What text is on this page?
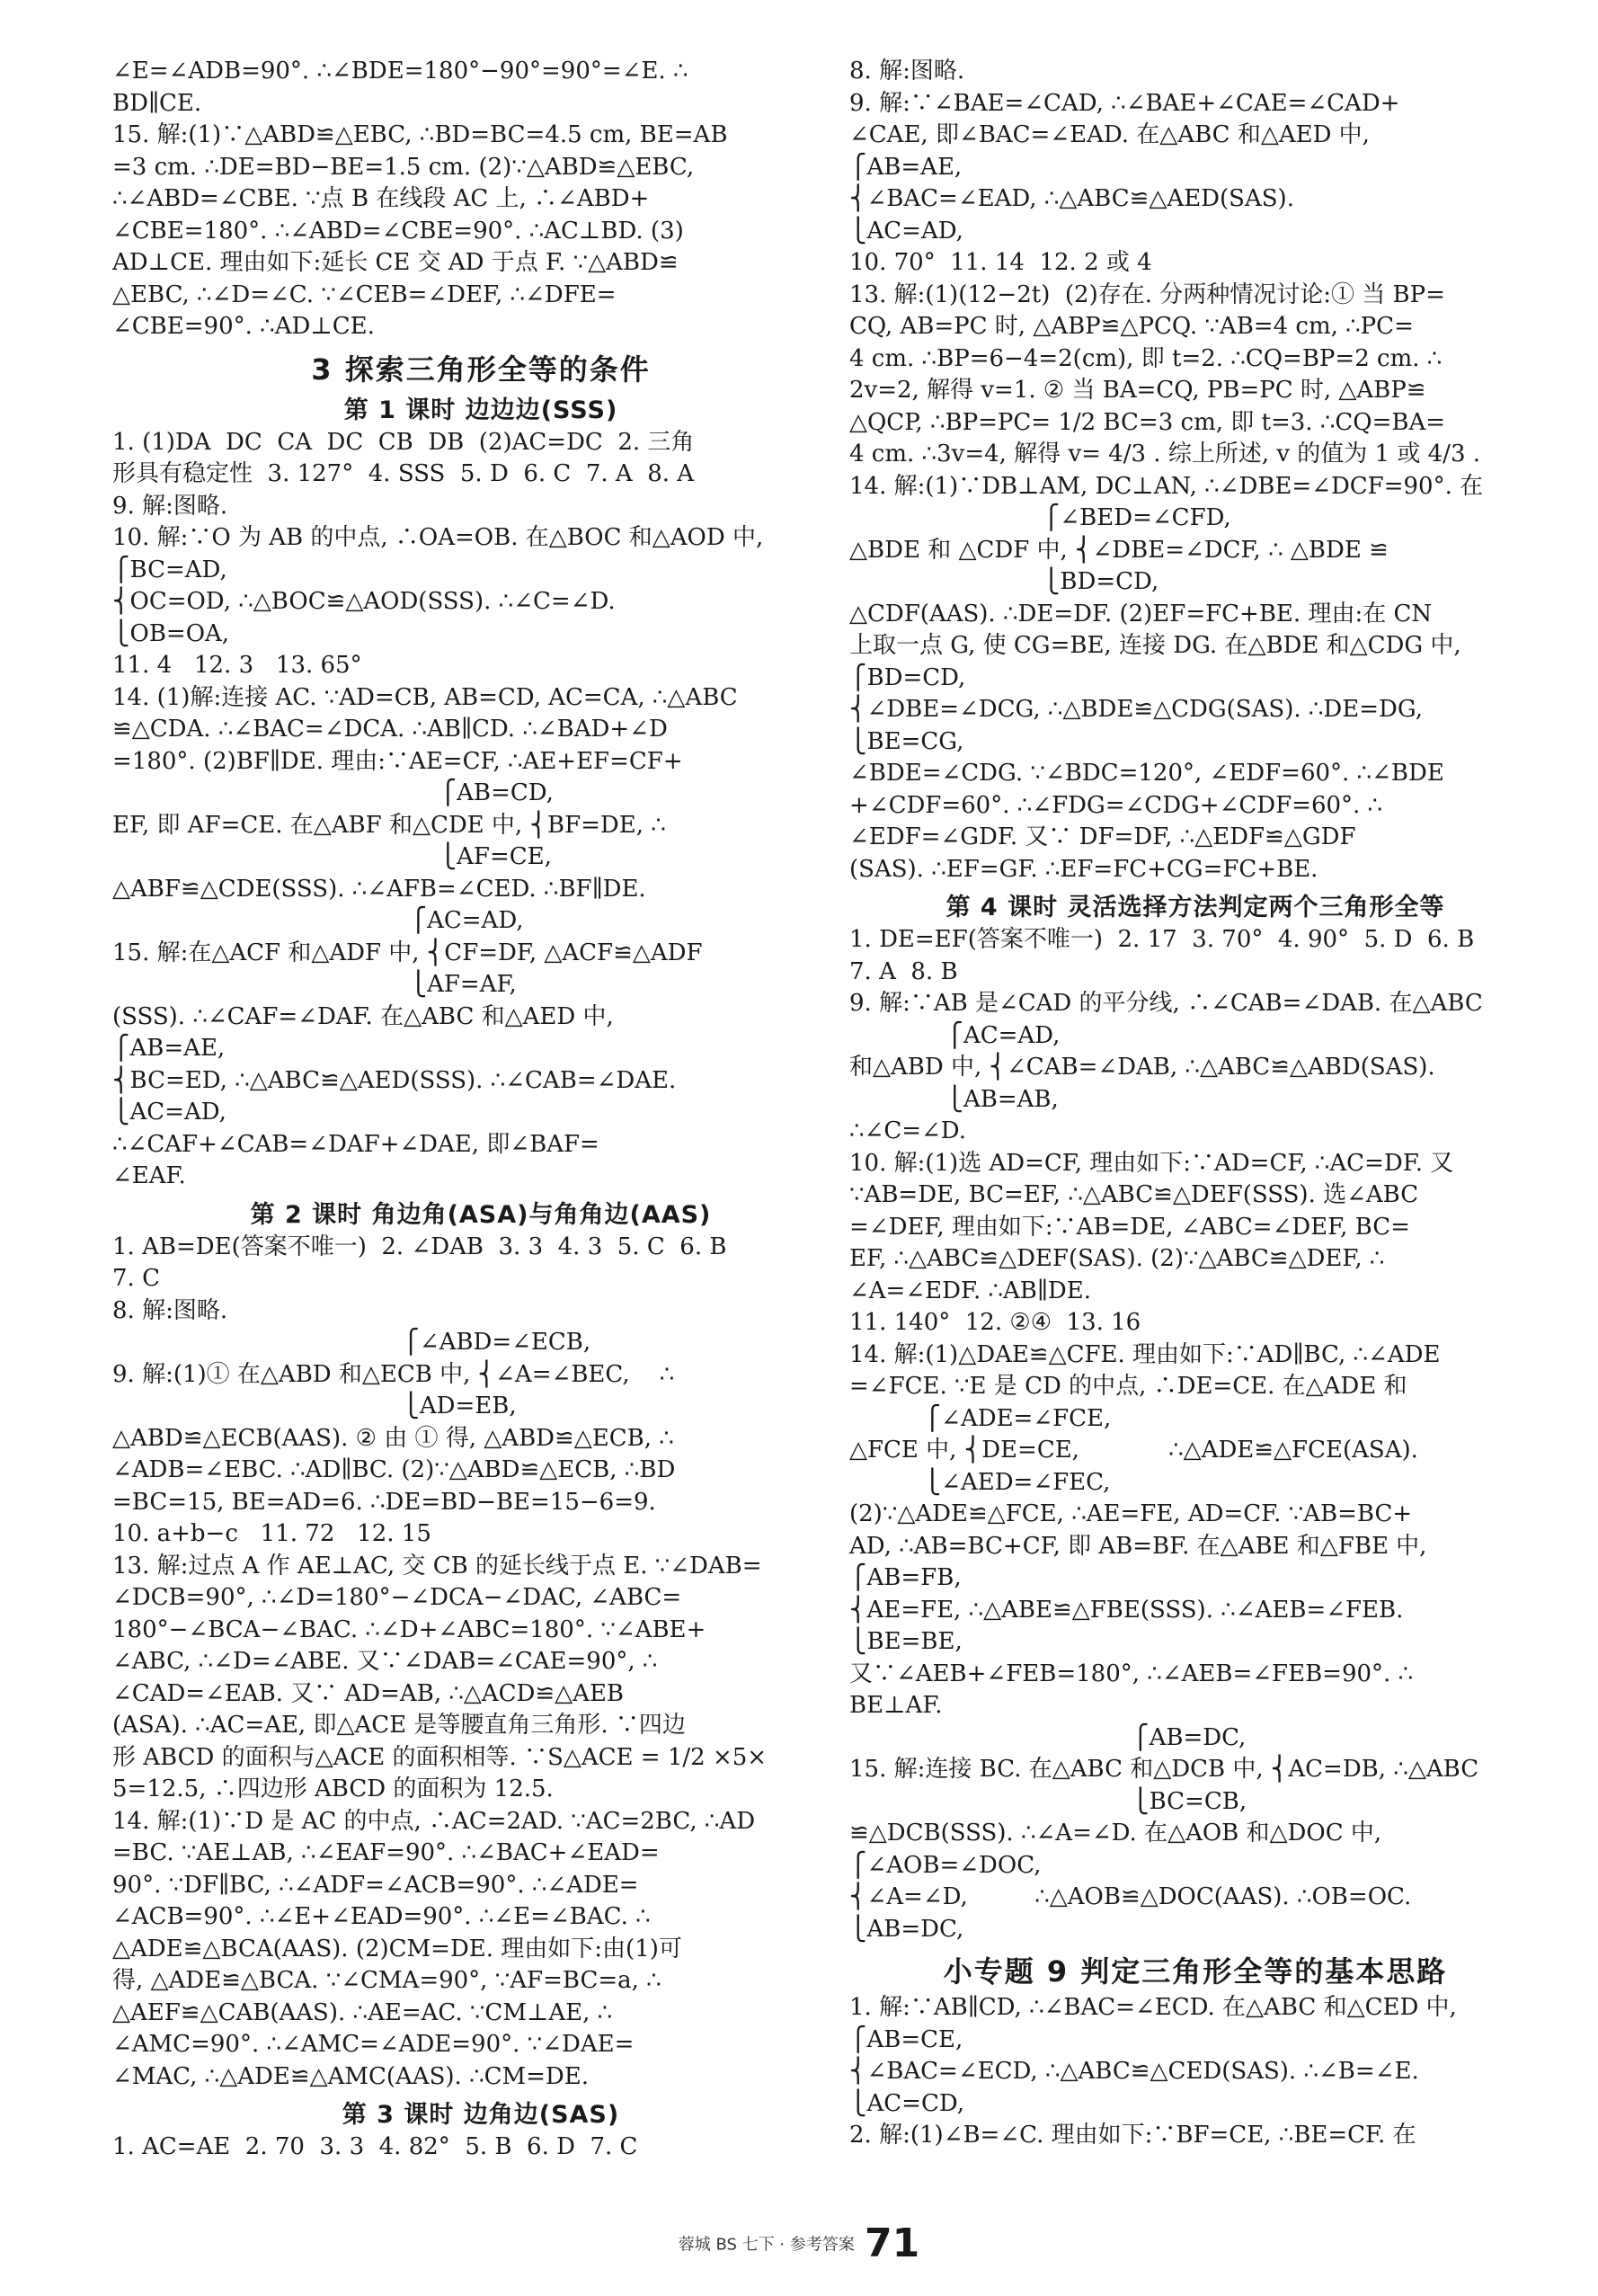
∠E=∠ADB=90°. ∴∠BDE=180°−90°=90°=∠E. ∴

BD∥CE.

15. 解:(1)∵△ABD≌△EBC, ∴BD=BC=4.5 cm, BE=AB

=3 cm. ∴DE=BD−BE=1.5 cm. (2)∵△ABD≌△EBC,

∴∠ABD=∠CBE. ∵点 B 在线段 AC 上, ∴∠ABD+

∠CBE=180°. ∴∠ABD=∠CBE=90°. ∴AC⊥BD. (3)

AD⊥CE. 理由如下:延长 CE 交 AD 于点 F. ∵△ABD≌

△EBC, ∴∠D=∠C. ∵∠CEB=∠DEF, ∴∠DFE=

∠CBE=90°. ∴AD⊥CE.

3 探索三角形全等的条件
第 1 课时 边边边(SSS)

1. (1)DA  DC  CA  DC  CB  DB  (2)AC=DC  2. 三角

形具有稳定性  3. 127°  4. SSS  5. D  6. C  7. A  8. A

9. 解:图略.

10. 解:∵O 为 AB 的中点, ∴OA=OB. 在△BOC 和△AOD 中,

⎧BC=AD,

⎨OC=OD, ∴△BOC≌△AOD(SSS). ∴∠C=∠D.

⎩OB=OA,

11. 4   12. 3   13. 65°

14. (1)解:连接 AC. ∵AD=CB, AB=CD, AC=CA, ∴△ABC

≌△CDA. ∴∠BAC=∠DCA. ∴AB∥CD. ∴∠BAD+∠D

=180°. (2)BF∥DE. 理由:∵AE=CF, ∴AE+EF=CF+

⎧AB=CD,

EF, 即 AF=CE. 在△ABF 和△CDE 中, ⎨BF=DE, ∴

⎩AF=CE,

△ABF≌△CDE(SSS). ∴∠AFB=∠CED. ∴BF∥DE.

⎧AC=AD,

15. 解:在△ACF 和△ADF 中, ⎨CF=DF, △ACF≌△ADF

⎩AF=AF,

(SSS). ∴∠CAF=∠DAF. 在△ABC 和△AED 中,

⎧AB=AE,

⎨BC=ED, ∴△ABC≌△AED(SSS). ∴∠CAB=∠DAE.

⎩AC=AD,

∴∠CAF+∠CAB=∠DAF+∠DAE, 即∠BAF=

∠EAF.

第 2 课时 角边角(ASA)与角角边(AAS)

1. AB=DE(答案不唯一)  2. ∠DAB  3. 3  4. 3  5. C  6. B

7. C

8. 解:图略.

⎧∠ABD=∠ECB,

9. 解:(1)① 在△ABD 和△ECB 中, ⎨∠A=∠BEC,    ∴

⎩AD=EB,

△ABD≌△ECB(AAS). ② 由 ① 得, △ABD≌△ECB, ∴

∠ADB=∠EBC. ∴AD∥BC. (2)∵△ABD≌△ECB, ∴BD

=BC=15, BE=AD=6. ∴DE=BD−BE=15−6=9.

10. a+b−c   11. 72   12. 15

13. 解:过点 A 作 AE⊥AC, 交 CB 的延长线于点 E. ∵∠DAB=

∠DCB=90°, ∴∠D=180°−∠DCA−∠DAC, ∠ABC=

180°−∠BCA−∠BAC. ∴∠D+∠ABC=180°. ∵∠ABE+

∠ABC, ∴∠D=∠ABE. 又∵∠DAB=∠CAE=90°, ∴

∠CAD=∠EAB. 又∵ AD=AB, ∴△ACD≌△AEB

(ASA). ∴AC=AE, 即△ACE 是等腰直角三角形. ∵四边

形 ABCD 的面积与△ACE 的面积相等. ∵S△ACE = 1/2 ×5×

5=12.5, ∴四边形 ABCD 的面积为 12.5.

14. 解:(1)∵D 是 AC 的中点, ∴AC=2AD. ∵AC=2BC, ∴AD

=BC. ∵AE⊥AB, ∴∠EAF=90°. ∴∠BAC+∠EAD=

90°. ∵DF∥BC, ∴∠ADF=∠ACB=90°. ∴∠ADE=

∠ACB=90°. ∴∠E+∠EAD=90°. ∴∠E=∠BAC. ∴

△ADE≌△BCA(AAS). (2)CM=DE. 理由如下:由(1)可

得, △ADE≌△BCA. ∵∠CMA=90°, ∵AF=BC=a, ∴

△AEF≌△CAB(AAS). ∴AE=AC. ∵CM⊥AE, ∴

∠AMC=90°. ∴∠AMC=∠ADE=90°. ∵∠DAE=

∠MAC, ∴△ADE≌△AMC(AAS). ∴CM=DE.

第 3 课时 边角边(SAS)

1. AC=AE  2. 70  3. 3  4. 82°  5. B  6. D  7. C

8. 解:图略.

9. 解:∵∠BAE=∠CAD, ∴∠BAE+∠CAE=∠CAD+

∠CAE, 即∠BAC=∠EAD. 在△ABC 和△AED 中,

⎧AB=AE,

⎨∠BAC=∠EAD, ∴△ABC≌△AED(SAS).

⎩AC=AD,

10. 70°  11. 14  12. 2 或 4

13. 解:(1)(12−2t)  (2)存在. 分两种情况讨论:① 当 BP=

CQ, AB=PC 时, △ABP≌△PCQ. ∵AB=4 cm, ∴PC=

4 cm. ∴BP=6−4=2(cm), 即 t=2. ∴CQ=BP=2 cm. ∴

2v=2, 解得 v=1. ② 当 BA=CQ, PB=PC 时, △ABP≌

△QCP, ∴BP=PC= 1/2 BC=3 cm, 即 t=3. ∴CQ=BA=

4 cm. ∴3v=4, 解得 v= 4/3 . 综上所述, v 的值为 1 或 4/3 .

14. 解:(1)∵DB⊥AM, DC⊥AN, ∴∠DBE=∠DCF=90°. 在

⎧∠BED=∠CFD,

△BDE 和 △CDF 中, ⎨∠DBE=∠DCF, ∴ △BDE ≌

⎩BD=CD,

△CDF(AAS). ∴DE=DF. (2)EF=FC+BE. 理由:在 CN

上取一点 G, 使 CG=BE, 连接 DG. 在△BDE 和△CDG 中,

⎧BD=CD,

⎨∠DBE=∠DCG, ∴△BDE≌△CDG(SAS). ∴DE=DG,

⎩BE=CG,

∠BDE=∠CDG. ∵∠BDC=120°, ∠EDF=60°. ∴∠BDE

+∠CDF=60°. ∴∠FDG=∠CDG+∠CDF=60°. ∴

∠EDF=∠GDF. 又∵ DF=DF, ∴△EDF≌△GDF

(SAS). ∴EF=GF. ∴EF=FC+CG=FC+BE.

第 4 课时 灵活选择方法判定两个三角形全等

1. DE=EF(答案不唯一)  2. 17  3. 70°  4. 90°  5. D  6. B

7. A  8. B

9. 解:∵AB 是∠CAD 的平分线, ∴∠CAB=∠DAB. 在△ABC

⎧AC=AD,

和△ABD 中, ⎨∠CAB=∠DAB, ∴△ABC≌△ABD(SAS).

⎩AB=AB,

∴∠C=∠D.

10. 解:(1)选 AD=CF, 理由如下:∵AD=CF, ∴AC=DF. 又

∵AB=DE, BC=EF, ∴△ABC≌△DEF(SSS). 选∠ABC

=∠DEF, 理由如下:∵AB=DE, ∠ABC=∠DEF, BC=

EF, ∴△ABC≌△DEF(SAS). (2)∵△ABC≌△DEF, ∴

∠A=∠EDF. ∴AB∥DE.

11. 140°  12. ②④  13. 16

14. 解:(1)△DAE≌△CFE. 理由如下:∵AD∥BC, ∴∠ADE

=∠FCE. ∵E 是 CD 的中点, ∴DE=CE. 在△ADE 和

⎧∠ADE=∠FCE,

△FCE 中, ⎨DE=CE,            ∴△ADE≌△FCE(ASA).

⎩∠AED=∠FEC,

(2)∵△ADE≌△FCE, ∴AE=FE, AD=CF. ∵AB=BC+

AD, ∴AB=BC+CF, 即 AB=BF. 在△ABE 和△FBE 中,

⎧AB=FB,

⎨AE=FE, ∴△ABE≌△FBE(SSS). ∴∠AEB=∠FEB.

⎩BE=BE,

又∵∠AEB+∠FEB=180°, ∴∠AEB=∠FEB=90°. ∴

BE⊥AF.

⎧AB=DC,

15. 解:连接 BC. 在△ABC 和△DCB 中, ⎨AC=DB, ∴△ABC

⎩BC=CB,

≌△DCB(SSS). ∴∠A=∠D. 在△AOB 和△DOC 中,

⎧∠AOB=∠DOC,

⎨∠A=∠D,         ∴△AOB≌△DOC(AAS). ∴OB=OC.

⎩AB=DC,

小专题 9 判定三角形全等的基本思路

1. 解:∵AB∥CD, ∴∠BAC=∠ECD. 在△ABC 和△CED 中,

⎧AB=CE,

⎨∠BAC=∠ECD, ∴△ABC≌△CED(SAS). ∴∠B=∠E.

⎩AC=CD,

2. 解:(1)∠B=∠C. 理由如下:∵BF=CE, ∴BE=CF. 在

​
蓉城 BS 七下 · 参考答案 71
